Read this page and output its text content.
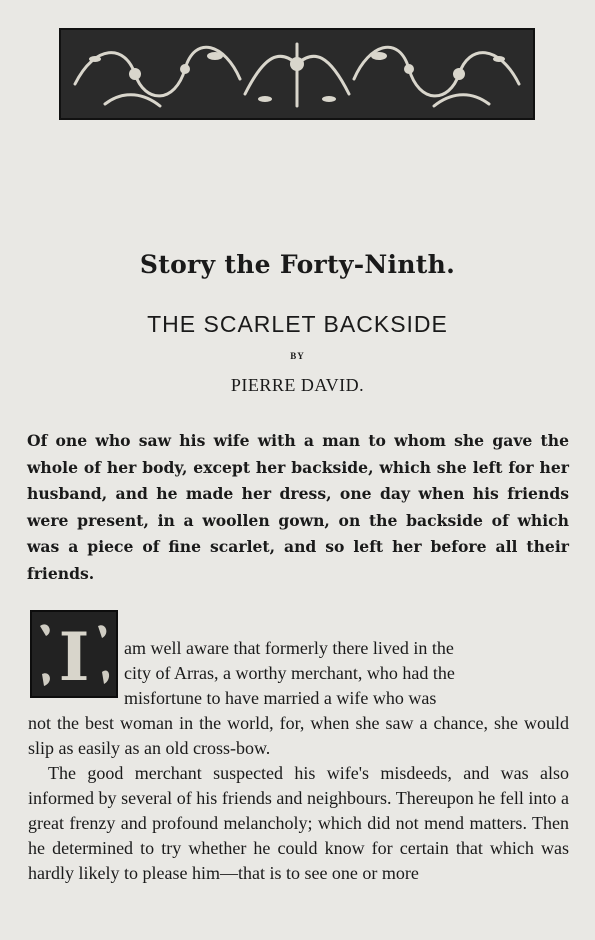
Story the Forty-Ninth.
THE SCARLET BACKSIDE
BY
PIERRE DAVID.
Of one who saw his wife with a man to whom she gave the whole of her body, except her backside, which she left for her husband, and he made her dress, one day when his friends were present, in a woollen gown, on the backside of which was a piece of fine scarlet, and so left her before all their friends.
I am well aware that formerly there lived in the
city of Arras, a worthy merchant, who had the
misfortune to have married a wife who was

not the best woman in the world, for, when she saw a chance, she would slip as easily as an old cross-bow.

The good merchant suspected his wife's misdeeds, and was also informed by several of his friends and neighbours. Thereupon he fell into a great frenzy and profound melancholy; which did not mend matters. Then he determined to try whether he could know for certain that which was hardly likely to please him—that is to see one or more
